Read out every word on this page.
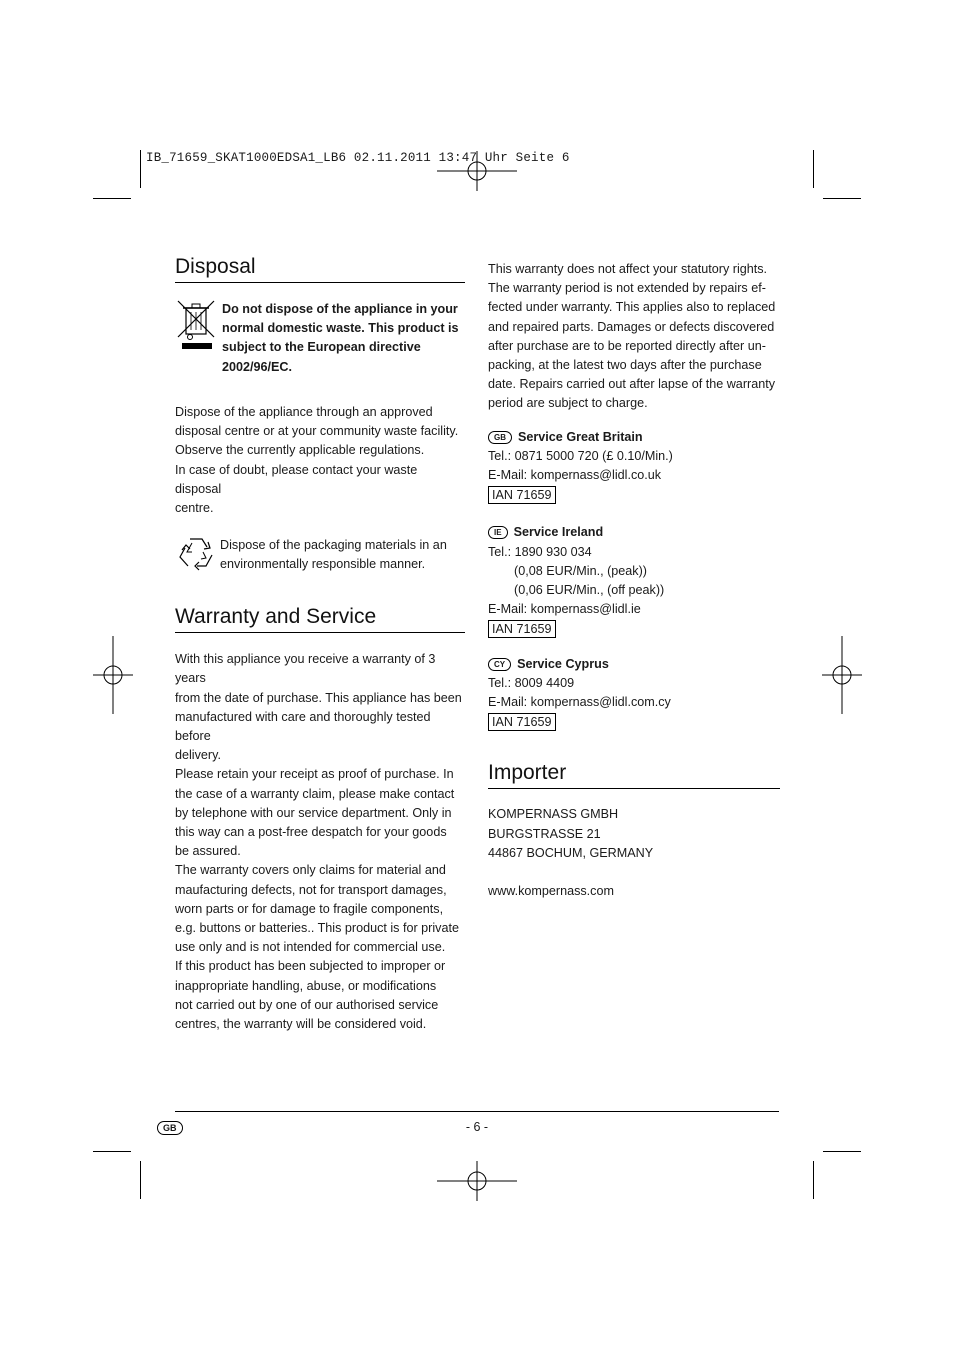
IB_71659_SKAT1000EDSA1_LB6 02.11.2011 13:47 Uhr Seite 6
Disposal

Do not dispose of the appliance in your normal domestic waste. This product is subject to the European directive 2002/96/EC.

Dispose of the appliance through an approved

disposal centre or at your community waste facility.

Observe the currently applicable regulations.

In case of doubt, please contact your waste disposal

centre.

Dispose of the packaging materials in an environmentally responsible manner.

Warranty and Service

With this appliance you receive a warranty of 3 years

from the date of purchase. This appliance has been

manufactured with care and thoroughly tested before

delivery.

Please retain your receipt as proof of purchase. In

the case of a warranty claim, please make contact

by telephone with our service department. Only in

this way can a post-free despatch for your goods

be assured.

The warranty covers only claims for material and

maufacturing defects, not for transport damages,

worn parts or for damage to fragile components,

e.g. buttons or batteries.. This product is for private

use only and is not intended for commercial use.

If this product has been subjected to improper or

inappropriate handling, abuse, or modifications

not carried out by one of our authorised service

centres, the warranty will be considered void.

This warranty does not affect your statutory rights.

The warranty period is not extended by repairs ef-

fected under warranty. This applies also to replaced

and repaired parts. Damages or defects discovered

after purchase are to be reported directly after un-

packing, at the latest two days after the purchase

date. Repairs carried out after lapse of the warranty

period are subject to charge.

GB Service Great Britain

Tel.: 0871 5000 720 (£ 0.10/Min.)

E-Mail: kompernass@lidl.co.uk

IAN 71659

IE Service Ireland

Tel.: 1890 930 034

(0,08 EUR/Min., (peak))

(0,06 EUR/Min., (off peak))

E-Mail: kompernass@lidl.ie

IAN 71659

CY Service Cyprus

Tel.: 8009 4409

E-Mail: kompernass@lidl.com.cy

IAN 71659

Importer

KOMPERNASS GMBH

BURGSTRASSE 21

44867 BOCHUM, GERMANY

www.kompernass.com

GB	- 6 -
